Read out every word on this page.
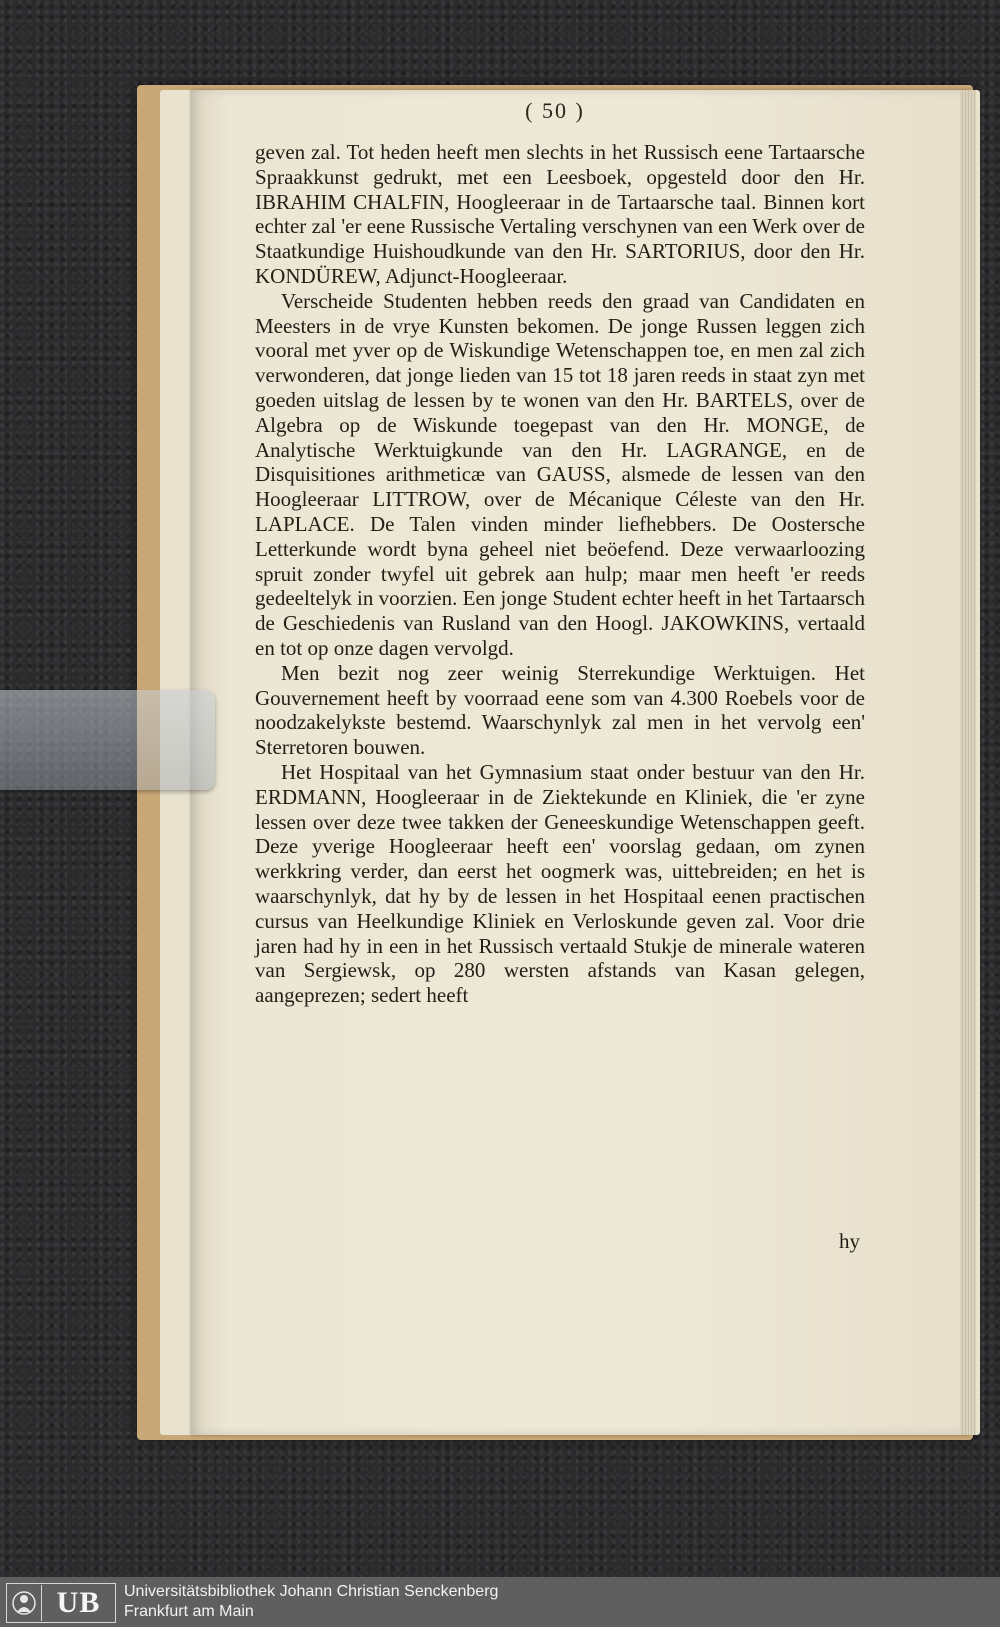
( 50 )

geven zal. Tot heden heeft men slechts in het Russisch eene Tartaarsche Spraakkunst gedrukt, met een Leesboek, opgesteld door den Hr. IBRAHIM CHALFIN, Hoogleeraar in de Tartaarsche taal. Binnen kort echter zal 'er eene Russische Vertaling verschynen van een Werk over de Staatkundige Huishoudkunde van den Hr. SARTORIUS, door den Hr. KONDÜREW, Adjunct-Hoogleeraar.

Verscheide Studenten hebben reeds den graad van Candidaten en Meesters in de vrye Kunsten bekomen. De jonge Russen leggen zich vooral met yver op de Wiskundige Wetenschappen toe, en men zal zich verwonderen, dat jonge lieden van 15 tot 18 jaren reeds in staat zyn met goeden uitslag de lessen by te wonen van den Hr. BARTELS, over de Algebra op de Wiskunde toegepast van den Hr. MONGE, de Analytische Werktuigkunde van den Hr. LAGRANGE, en de Disquisitiones arithmeticæ van GAUSS, alsmede de lessen van den Hoogleeraar LITTROW, over de Mécanique Céleste van den Hr. LAPLACE. De Talen vinden minder liefhebbers. De Oostersche Letterkunde wordt byna geheel niet beöefend. Deze verwaarloozing spruit zonder twyfel uit gebrek aan hulp; maar men heeft 'er reeds gedeeltelyk in voorzien. Een jonge Student echter heeft in het Tartaarsch de Geschiedenis van Rusland van den Hoogl. JAKOWKINS, vertaald en tot op onze dagen vervolgd.

Men bezit nog zeer weinig Sterrekundige Werktuigen. Het Gouvernement heeft by voorraad eene som van 4.300 Roebels voor de noodzakelykste bestemd. Waarschynlyk zal men in het vervolg een' Sterretoren bouwen.

Het Hospitaal van het Gymnasium staat onder bestuur van den Hr. ERDMANN, Hoogleeraar in de Ziektekunde en Kliniek, die 'er zyne lessen over deze twee takken der Geneeskundige Wetenschappen geeft. Deze yverige Hoogleeraar heeft een' voorslag gedaan, om zynen werkkring verder, dan eerst het oogmerk was, uittebreiden; en het is waarschynlyk, dat hy by de lessen in het Hospitaal eenen practischen cursus van Heelkundige Kliniek en Verloskunde geven zal. Voor drie jaren had hy in een in het Russisch vertaald Stukje de minerale wateren van Sergiewsk, op 280 wersten afstands van Kasan gelegen, aangeprezen; sedert heeft

hy
UB	Universitätsbibliothek Johann Christian Senckenberg
Frankfurt am Main
